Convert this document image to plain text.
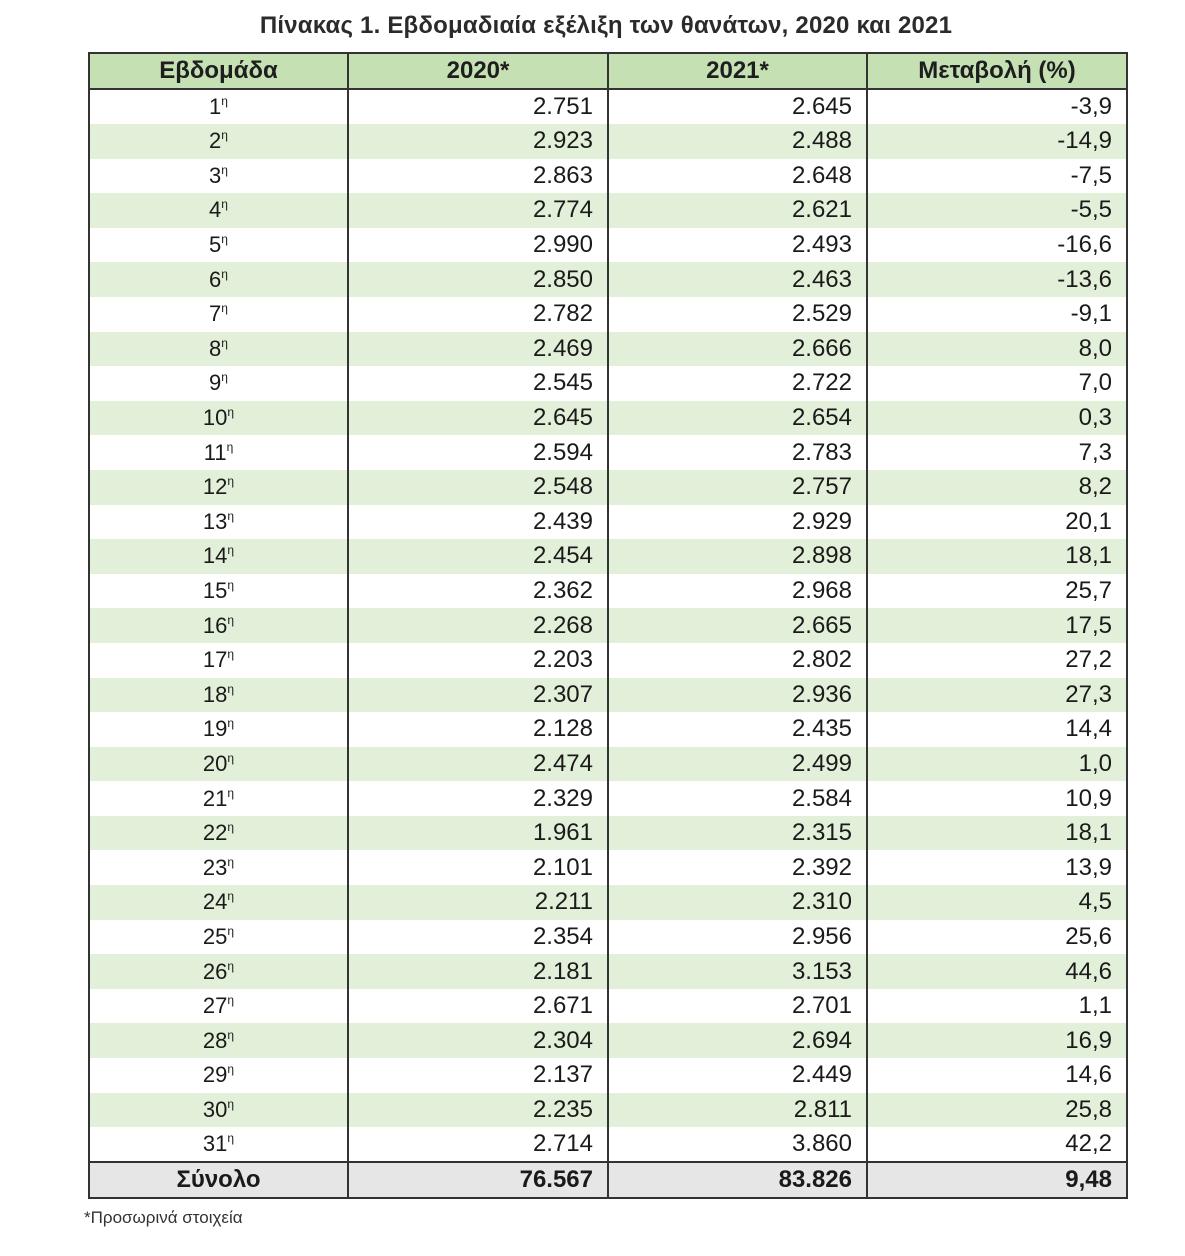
Πίνακας 1. Εβδομαδιαία εξέλιξη των θανάτων, 2020 και 2021
Εβδομάδα	2020*	2021*	Μεταβολή (%)
$1^\eta$	2.751	2.645	-3,9
$2^\eta$	2.923	2.488	-14,9
$3^\eta$	2.863	2.648	-7,5
$4^\eta$	2.774	2.621	-5,5
$5^\eta$	2.990	2.493	-16,6
$6^\eta$	2.850	2.463	-13,6
$7^\eta$	2.782	2.529	-9,1
$8^\eta$	2.469	2.666	8,0
$9^\eta$	2.545	2.722	7,0
$10^\eta$	2.645	2.654	0,3
$11^\eta$	2.594	2.783	7,3
$12^\eta$	2.548	2.757	8,2
$13^\eta$	2.439	2.929	20,1
$14^\eta$	2.454	2.898	18,1
$15^\eta$	2.362	2.968	25,7
$16^\eta$	2.268	2.665	17,5
$17^\eta$	2.203	2.802	27,2
$18^\eta$	2.307	2.936	27,3
$19^\eta$	2.128	2.435	14,4
$20^\eta$	2.474	2.499	1,0
$21^\eta$	2.329	2.584	10,9
$22^\eta$	1.961	2.315	18,1
$23^\eta$	2.101	2.392	13,9
$24^\eta$	2.211	2.310	4,5
$25^\eta$	2.354	2.956	25,6
$26^\eta$	2.181	3.153	44,6
$27^\eta$	2.671	2.701	1,1
$28^\eta$	2.304	2.694	16,9
$29^\eta$	2.137	2.449	14,6
$30^\eta$	2.235	2.811	25,8
$31^\eta$	2.714	3.860	42,2
Σύνολο	76.567	83.826	9,48
*Προσωρινά στοιχεία
